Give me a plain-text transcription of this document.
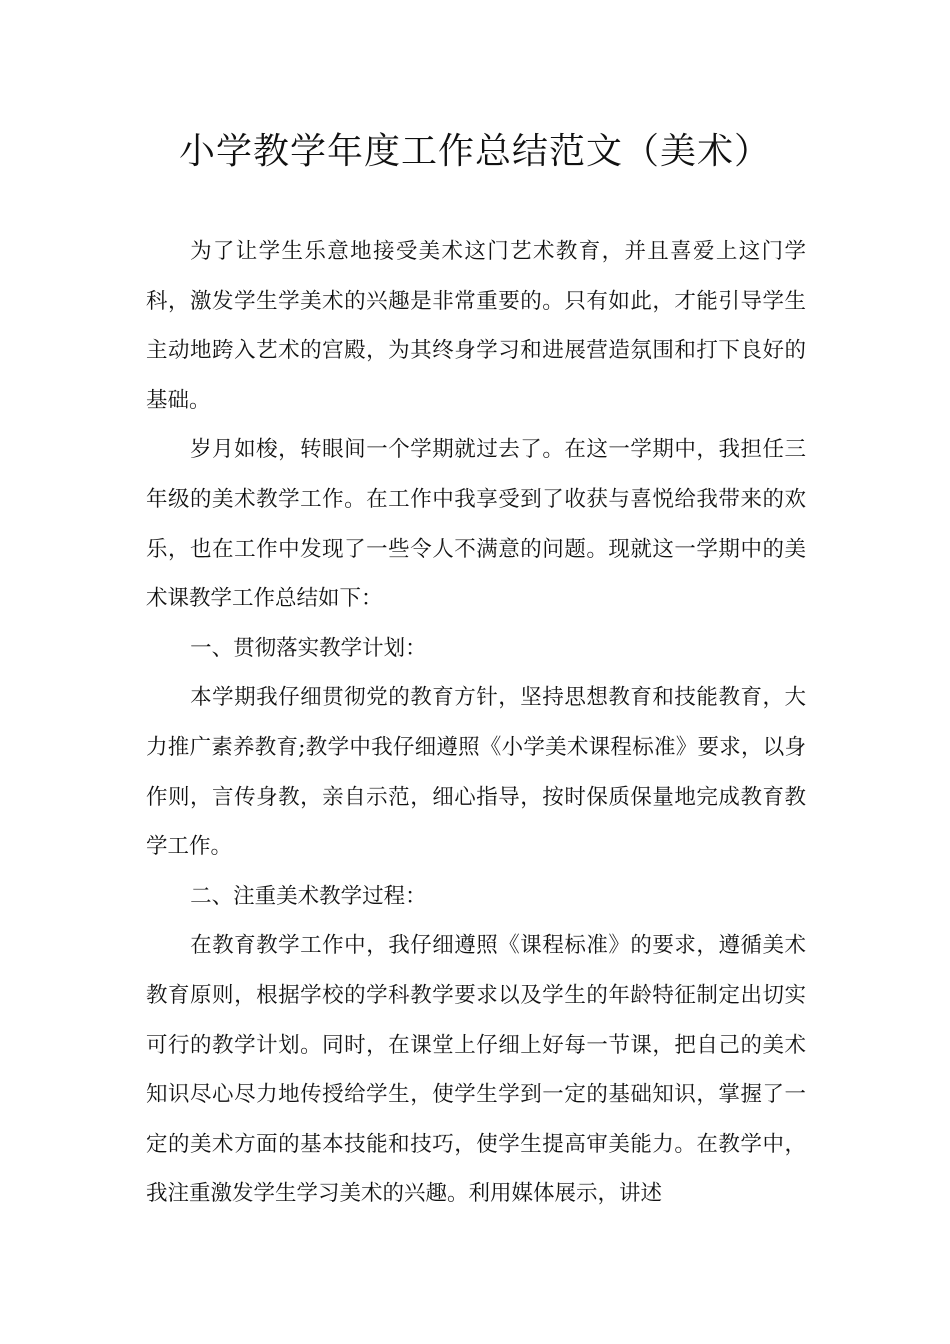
小学教学年度工作总结范文（美术）

为了让学生乐意地接受美术这门艺术教育，并且喜爱上这门学科，激发学生学美术的兴趣是非常重要的。只有如此，才能引导学生主动地跨入艺术的宫殿，为其终身学习和进展营造氛围和打下良好的基础。

岁月如梭，转眼间一个学期就过去了。在这一学期中，我担任三年级的美术教学工作。在工作中我享受到了收获与喜悦给我带来的欢乐，也在工作中发现了一些令人不满意的问题。现就这一学期中的美术课教学工作总结如下：

一、贯彻落实教学计划：

本学期我仔细贯彻党的教育方针，坚持思想教育和技能教育，大力推广素养教育;教学中我仔细遵照《小学美术课程标准》要求，以身作则，言传身教，亲自示范，细心指导，按时保质保量地完成教育教学工作。

二、注重美术教学过程：

在教育教学工作中，我仔细遵照《课程标准》的要求，遵循美术教育原则，根据学校的学科教学要求以及学生的年龄特征制定出切实可行的教学计划。同时，在课堂上仔细上好每一节课，把自己的美术知识尽心尽力地传授给学生，使学生学到一定的基础知识，掌握了一定的美术方面的基本技能和技巧，使学生提高审美能力。在教学中，我注重激发学生学习美术的兴趣。利用媒体展示，讲述
